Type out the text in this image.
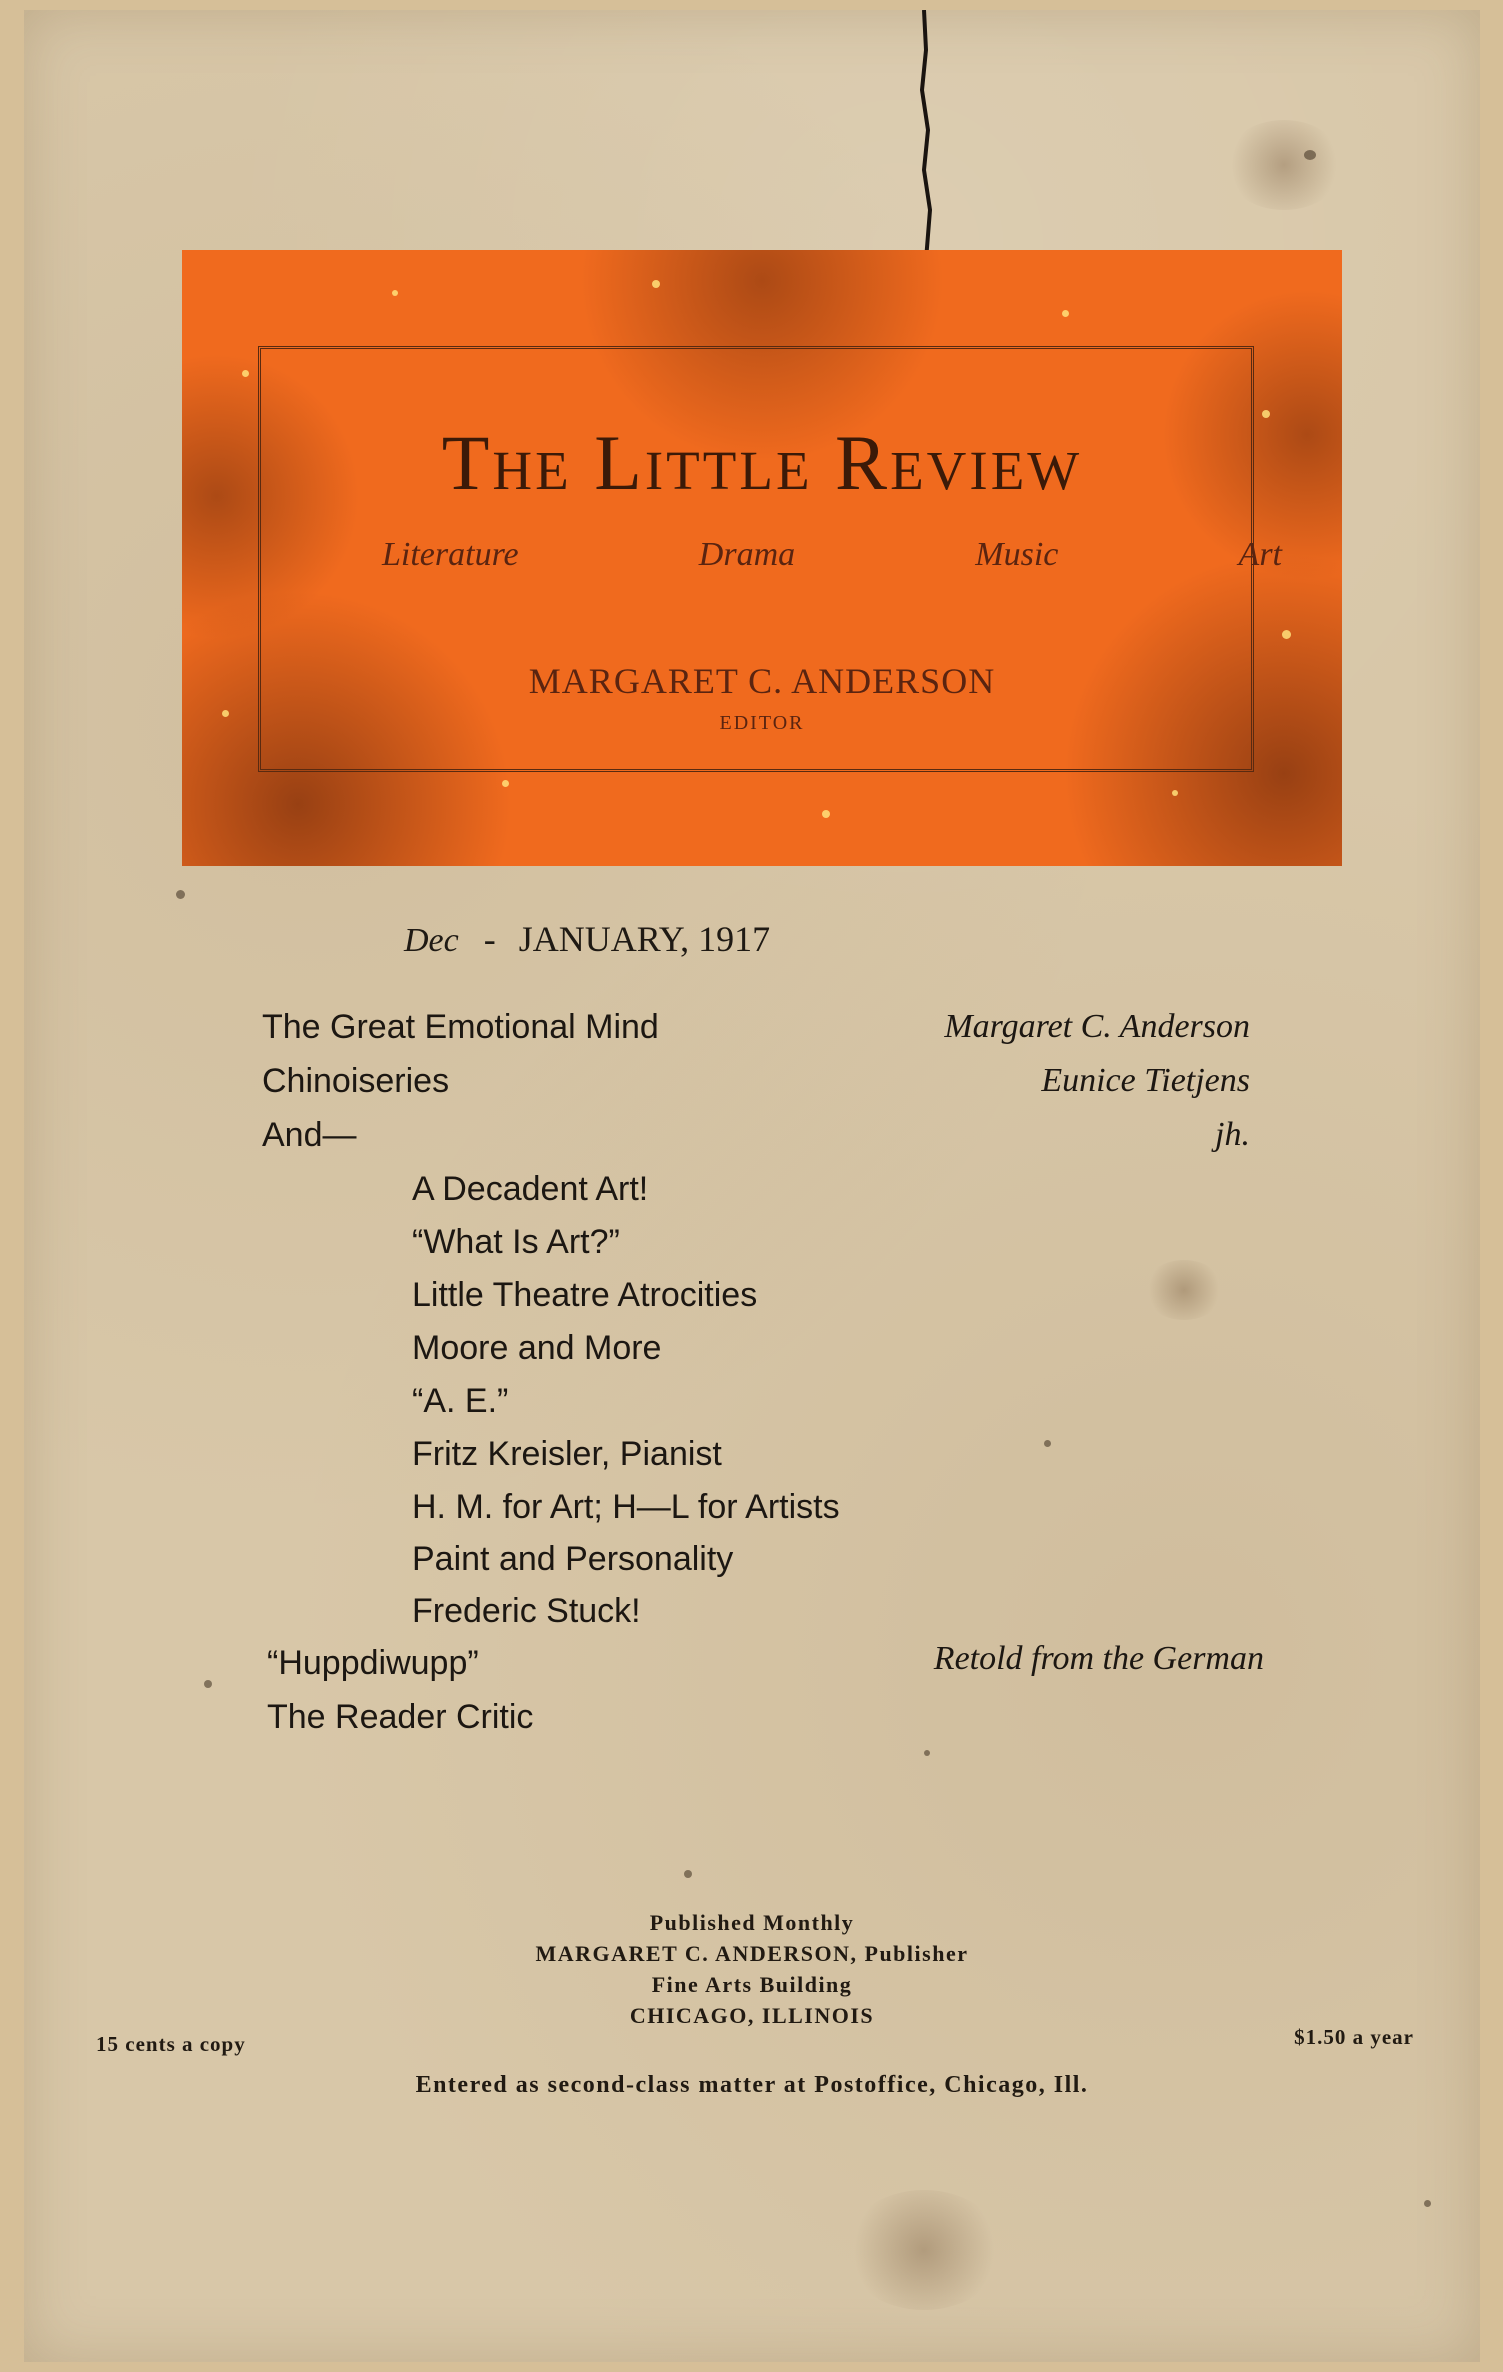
The Little Review
Literature	Drama	Music	Art
MARGARET C. ANDERSON
EDITOR
Dec - JANUARY, 1917
The Great Emotional Mind	Margaret C. Anderson
Chinoiseries	Eunice Tietjens
And—	jh.
A Decadent Art!
“What Is Art?”
Little Theatre Atrocities
Moore and More
“A. E.”
Fritz Kreisler, Pianist
H. M. for Art; H—L for Artists
Paint and Personality
Frederic Stuck!
“Huppdiwupp”	Retold from the German
The Reader Critic
Published Monthly
MARGARET C. ANDERSON, Publisher
Fine Arts Building
CHICAGO, ILLINOIS
15 cents a copy	$1.50 a year
Entered as second-class matter at Postoffice, Chicago, Ill.
